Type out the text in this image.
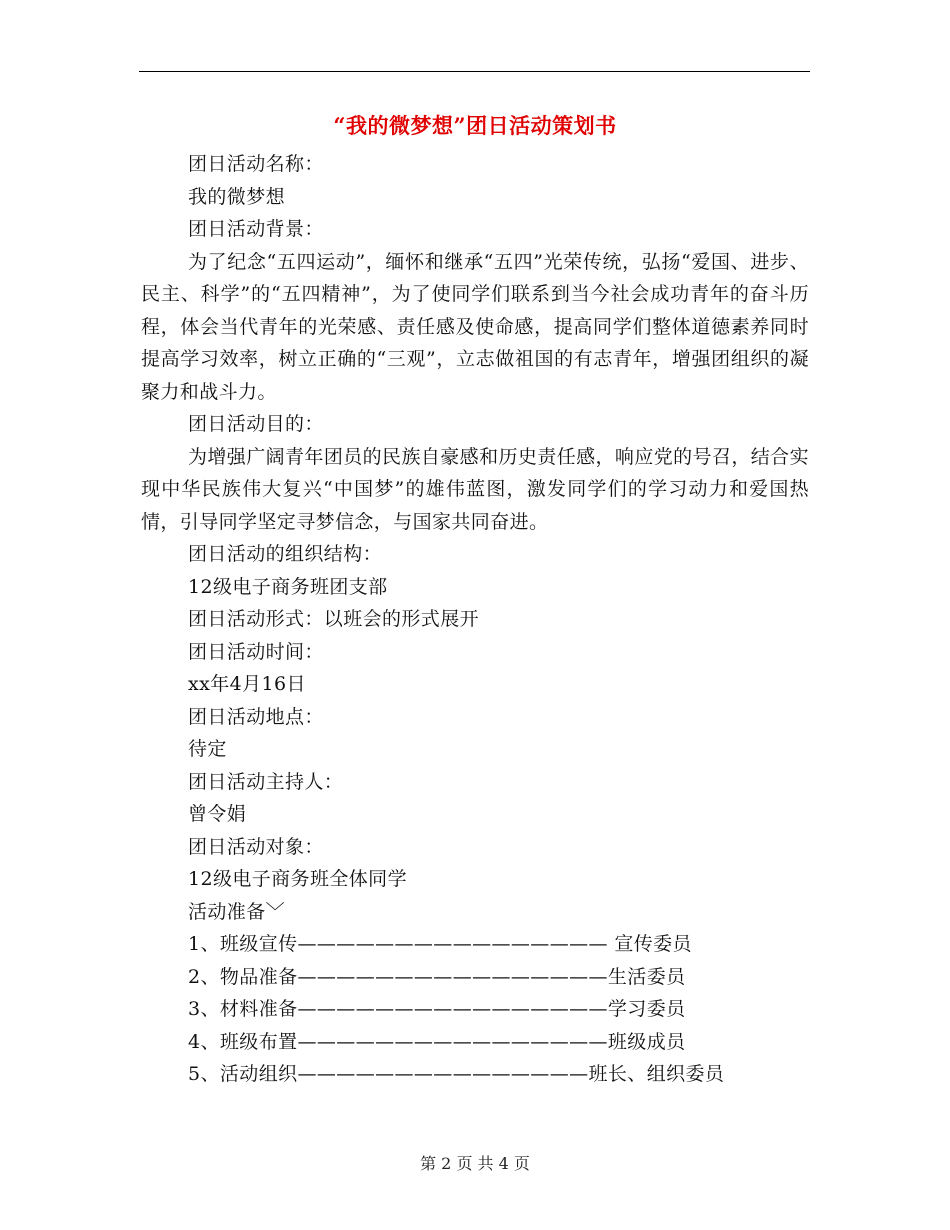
“我的微梦想”团日活动策划书

团日活动名称：

我的微梦想

团日活动背景：

为了纪念“五四运动”，缅怀和继承“五四”光荣传统，弘扬“爱国、进步、民主、科学”的“五四精神”，为了使同学们联系到当今社会成功青年的奋斗历程，体会当代青年的光荣感、责任感及使命感，提高同学们整体道德素养同时提高学习效率，树立正确的“三观”，立志做祖国的有志青年，增强团组织的凝聚力和战斗力。

团日活动目的：

为增强广阔青年团员的民族自豪感和历史责任感，响应党的号召，结合实现中华民族伟大复兴“中国梦”的雄伟蓝图，激发同学们的学习动力和爱国热情，引导同学坚定寻梦信念，与国家共同奋进。

团日活动的组织结构：

12级电子商务班团支部

团日活动形式：以班会的形式展开

团日活动时间：

xx年4月16日

团日活动地点：

待定

团日活动主持人：

曾令娟

团日活动对象：

12级电子商务班全体同学

活动准备﹀

1、班级宣传———————————————— 宣传委员

2、物品准备————————————————生活委员

3、材料准备————————————————学习委员

4、班级布置————————————————班级成员

5、活动组织———————————————班长、组织委员

第 2 页 共 4 页
